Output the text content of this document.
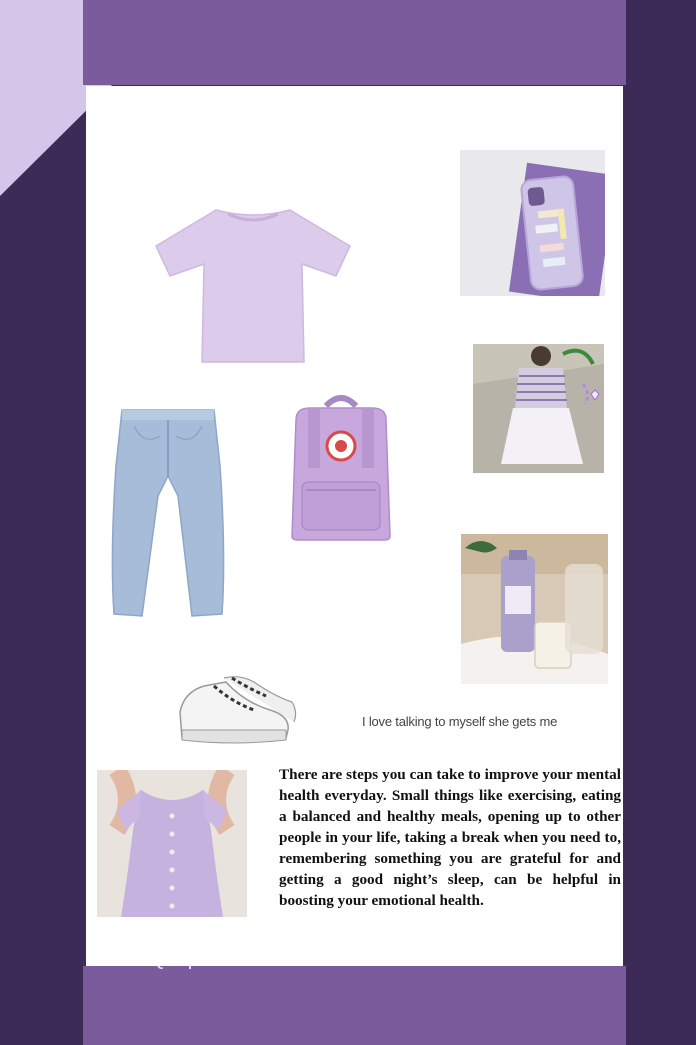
I love talking to myself she gets me
There are steps you can take to improve your mental health everyday. Small things like exercising, eating a balanced and healthy meals, opening up to other people in your life, taking a break when you need to, remembering something you are grateful for and getting a good night’s sleep, can be helpful in boosting your emotional health.
